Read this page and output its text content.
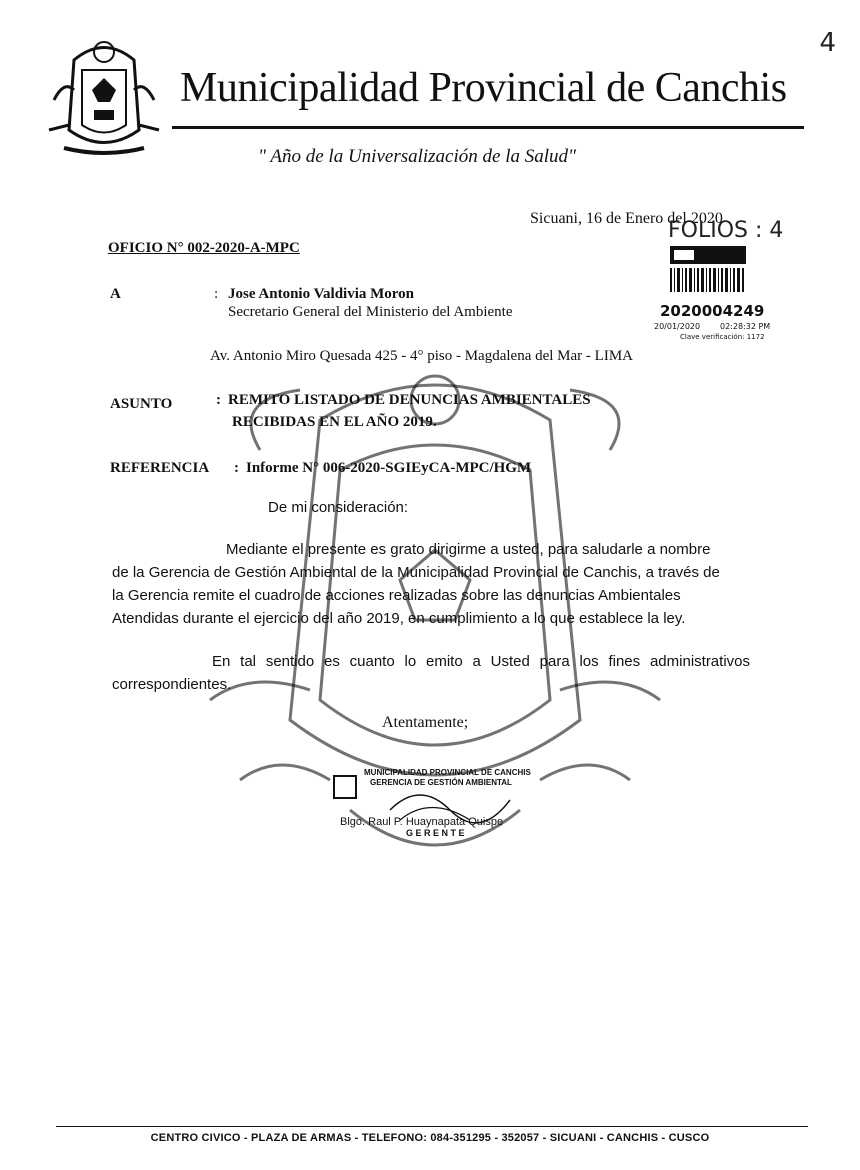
4
Municipalidad Provincial de Canchis
" Año de la Universalización de la Salud"
Sicuani, 16 de Enero del 2020
FOLIOS : 4
OFICIO N° 002-2020-A-MPC
2020004249
20/01/2020 02:28:32 PM
Clave verificación: 1172
A	: Jose Antonio Valdivia Moron
Secretario General del Ministerio del Ambiente
Av. Antonio Miro Quesada 425 - 4° piso - Magdalena del Mar - LIMA
ASUNTO	: REMITO LISTADO DE DENUNCIAS AMBIENTALES
RECIBIDAS EN EL AÑO 2019.
REFERENCIA : Informe N° 006-2020-SGIEyCA-MPC/HGM
De mi consideración:
Mediante el presente es grato dirigirme a usted, para saludarle a nombre de la Gerencia de Gestión Ambiental de la Municipalidad Provincial de Canchis, a través de la Gerencia remite el cuadro de acciones realizadas sobre las denuncias Ambientales Atendidas durante el ejercicio del año 2019, en cumplimiento a lo que establece la ley.
En tal sentido es cuanto lo emito a Usted para los fines administrativos correspondientes.
Atentamente;
MUNICIPALIDAD PROVINCIAL DE CANCHIS
GERENCIA DE GESTIÓN AMBIENTAL
Blgo. Raul P. Huaynapata Quispe
G E R E N T E
CENTRO CIVICO - PLAZA DE ARMAS - TELEFONO: 084-351295 - 352057 - SICUANI - CANCHIS - CUSCO
